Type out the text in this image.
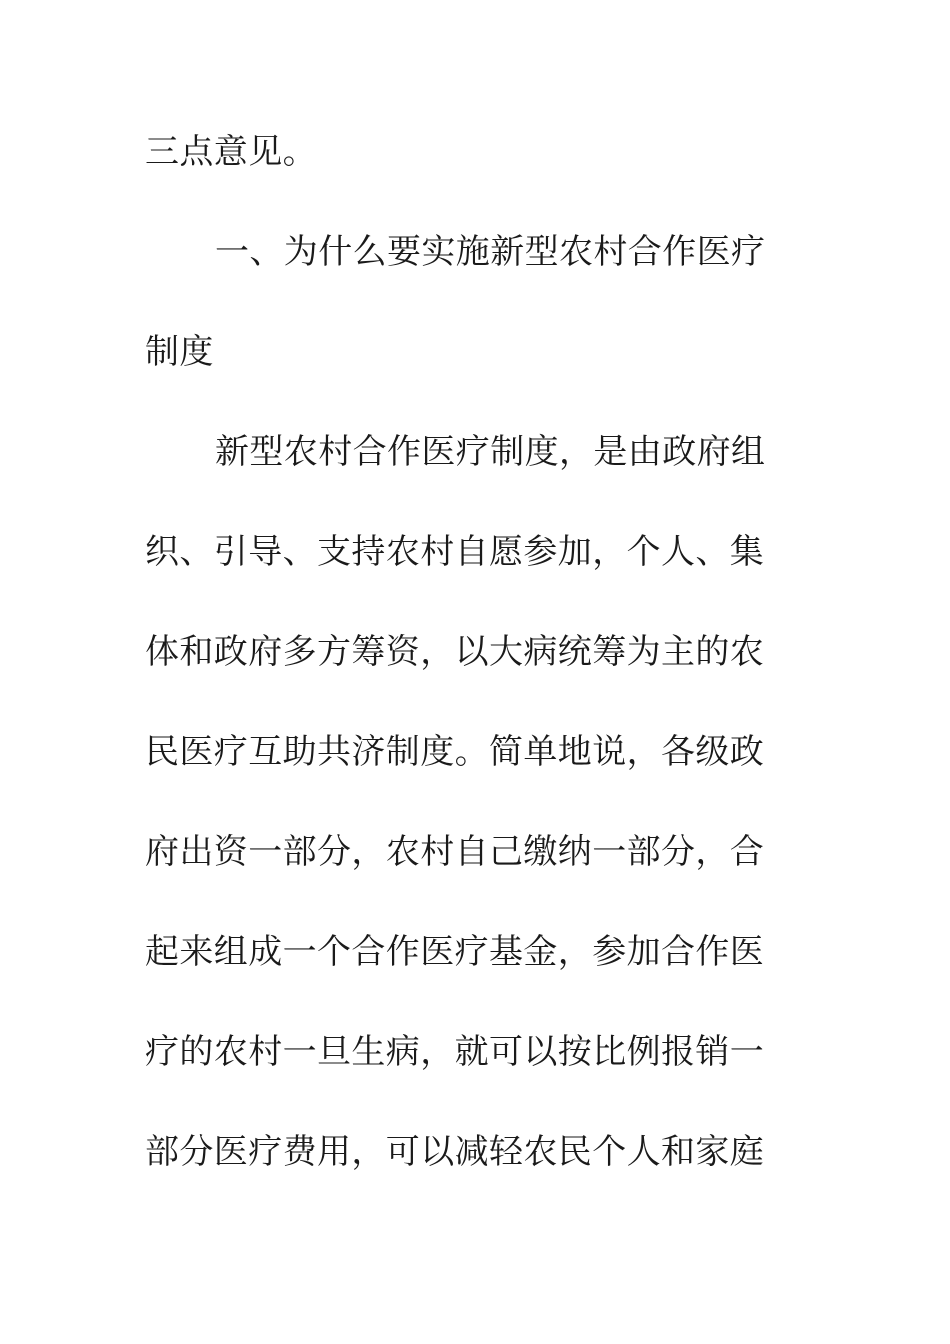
三点意见。
一、为什么要实施新型农村合作医疗
制度
新型农村合作医疗制度，是由政府组
织、引导、支持农村自愿参加，个人、集
体和政府多方筹资，以大病统筹为主的农
民医疗互助共济制度。简单地说，各级政
府出资一部分，农村自己缴纳一部分，合
起来组成一个合作医疗基金，参加合作医
疗的农村一旦生病，就可以按比例报销一
部分医疗费用，可以减轻农民个人和家庭
